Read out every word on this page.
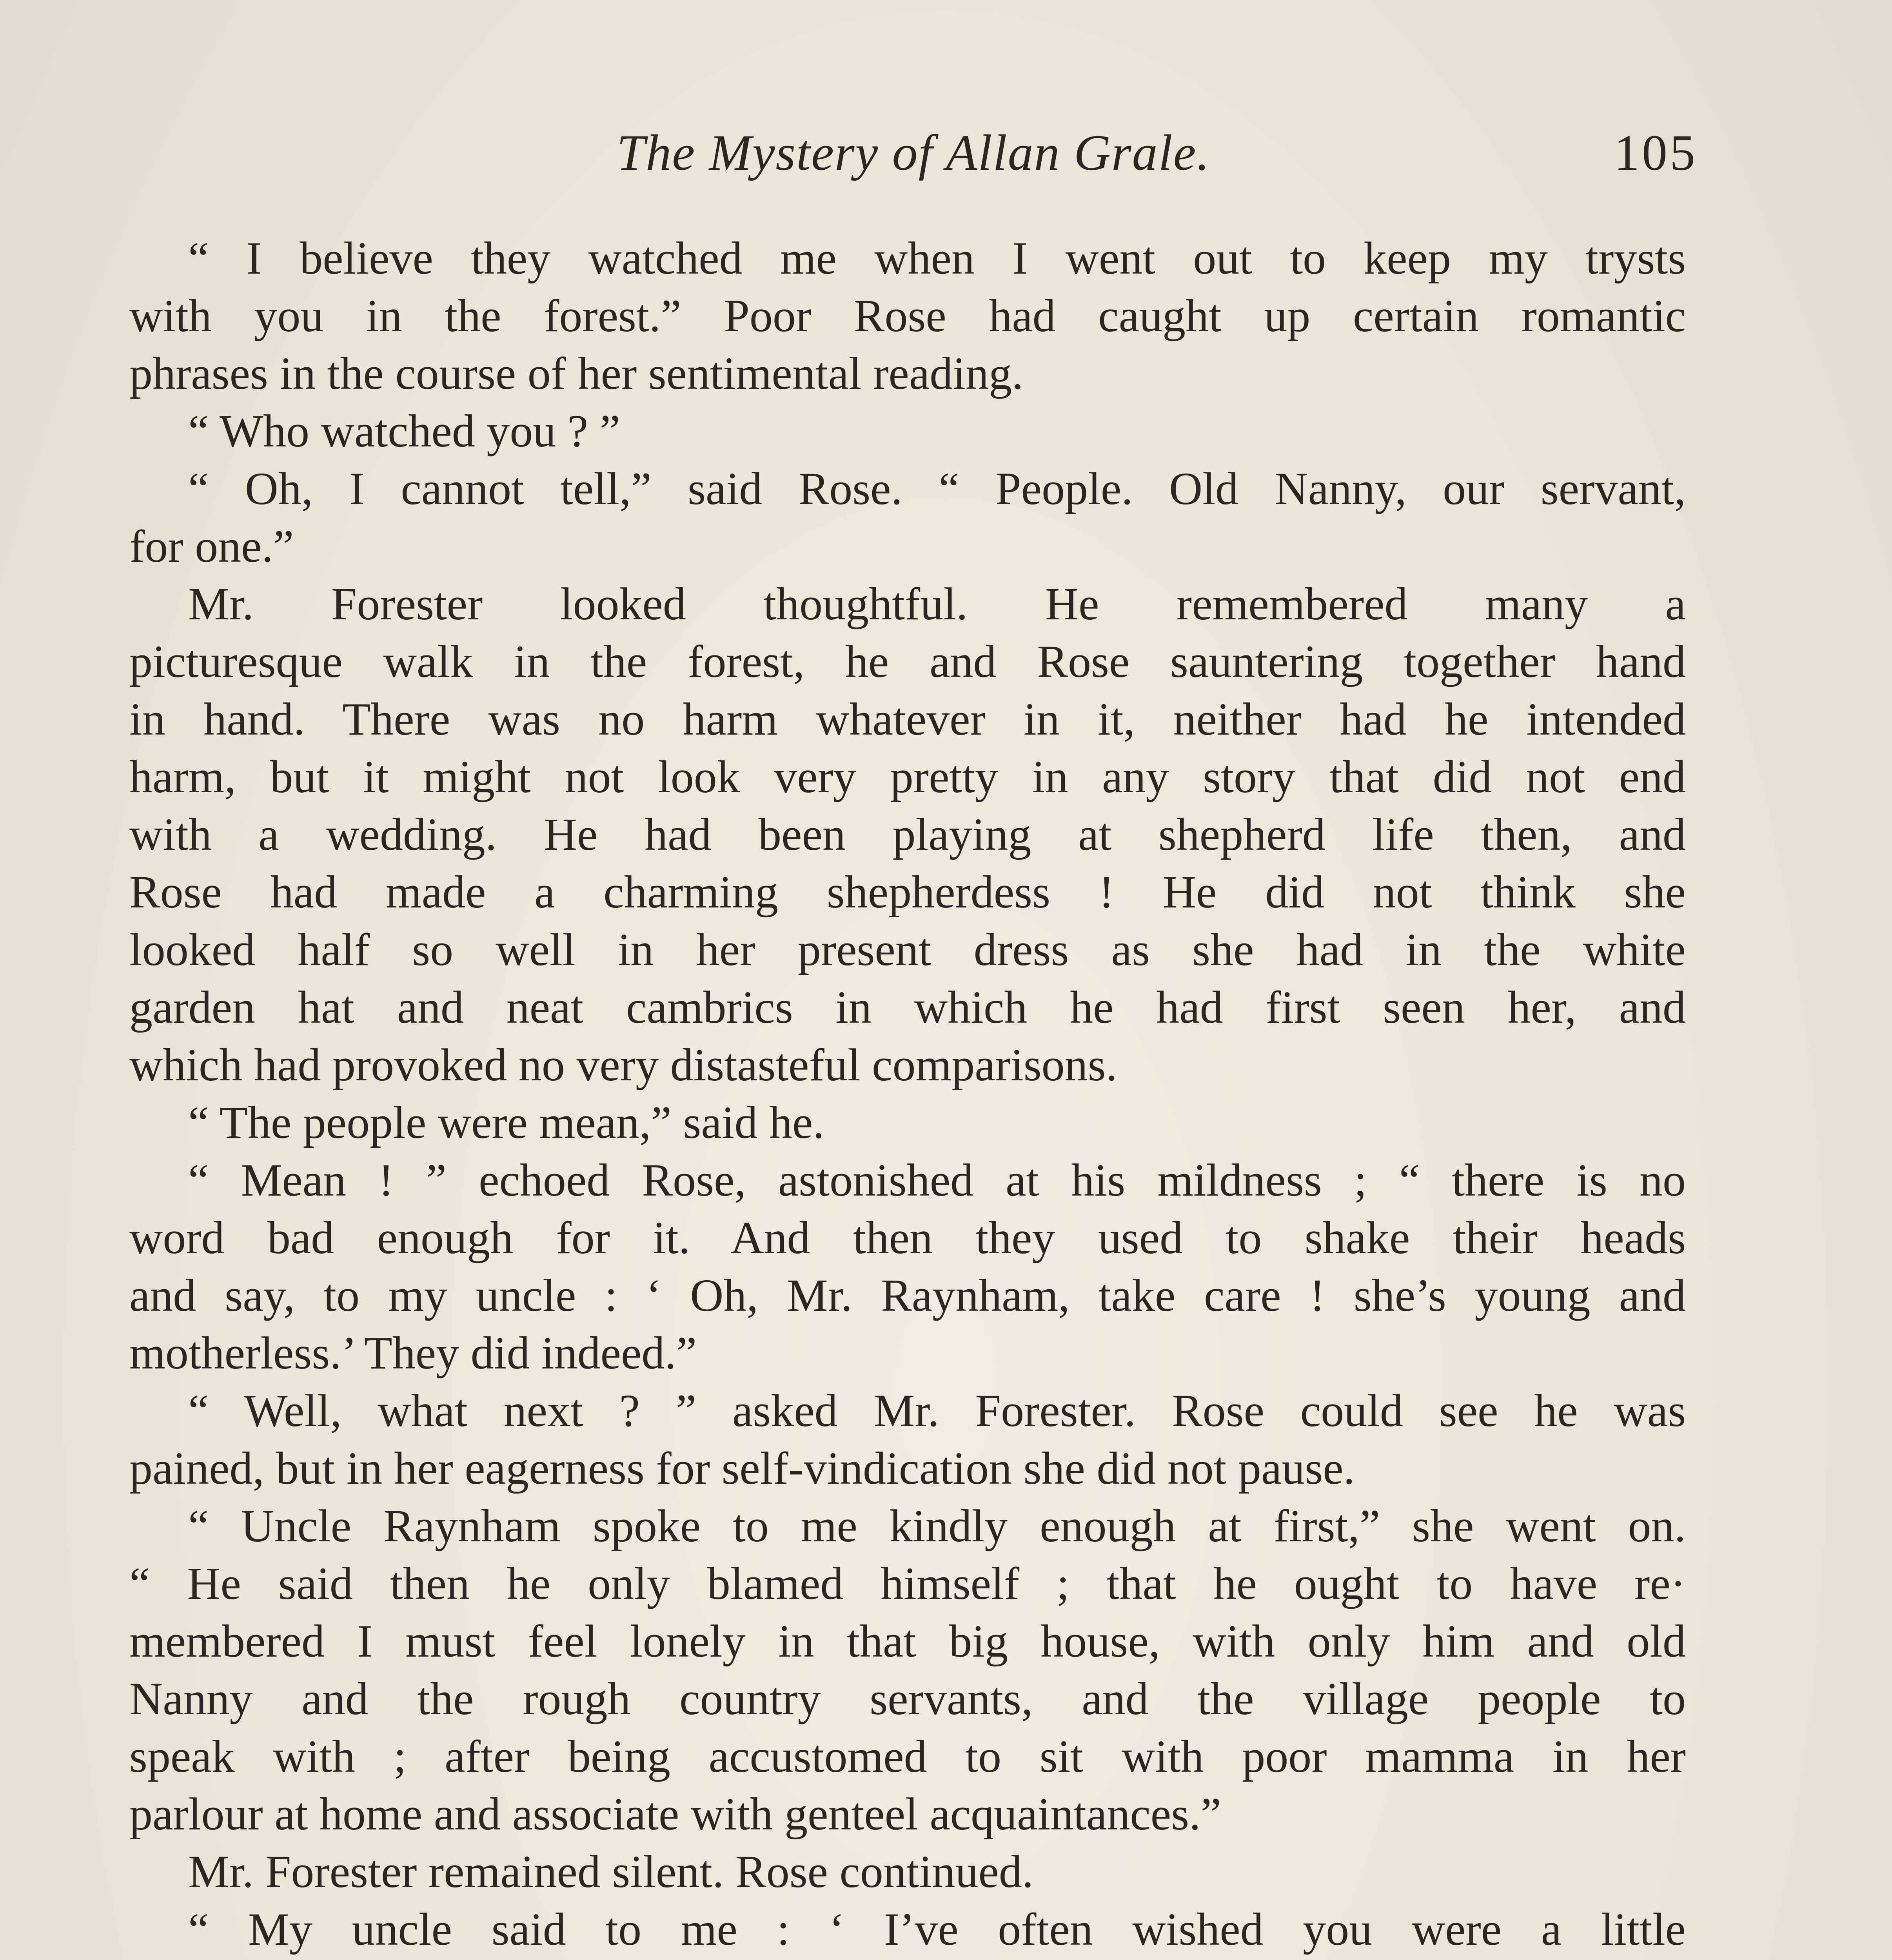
The Mystery of Allan Grale.	105
“ I believe they watched me when I went out to keep my trysts
with you in the forest.” Poor Rose had caught up certain romantic
phrases in the course of her sentimental reading.
“ Who watched you ? ”
“ Oh, I cannot tell,” said Rose. “ People. Old Nanny, our servant,
for one.”
Mr. Forester looked thoughtful. He remembered many a
picturesque walk in the forest, he and Rose sauntering together hand
in hand. There was no harm whatever in it, neither had he intended
harm, but it might not look very pretty in any story that did not end
with a wedding. He had been playing at shepherd life then, and
Rose had made a charming shepherdess ! He did not think she
looked half so well in her present dress as she had in the white
garden hat and neat cambrics in which he had first seen her, and
which had provoked no very distasteful comparisons.
“ The people were mean,” said he.
“ Mean ! ” echoed Rose, astonished at his mildness ; “ there is no
word bad enough for it. And then they used to shake their heads
and say, to my uncle : ‘ Oh, Mr. Raynham, take care ! she’s young and
motherless.’ They did indeed.”
“ Well, what next ? ” asked Mr. Forester. Rose could see he was
pained, but in her eagerness for self-vindication she did not pause.
“ Uncle Raynham spoke to me kindly enough at first,” she went on.
“ He said then he only blamed himself ; that he ought to have re·
membered I must feel lonely in that big house, with only him and old
Nanny and the rough country servants, and the village people to
speak with ; after being accustomed to sit with poor mamma in her
parlour at home and associate with genteel acquaintances.”
Mr. Forester remained silent. Rose continued.
“ My uncle said to me : ‘ I’ve often wished you were a little
